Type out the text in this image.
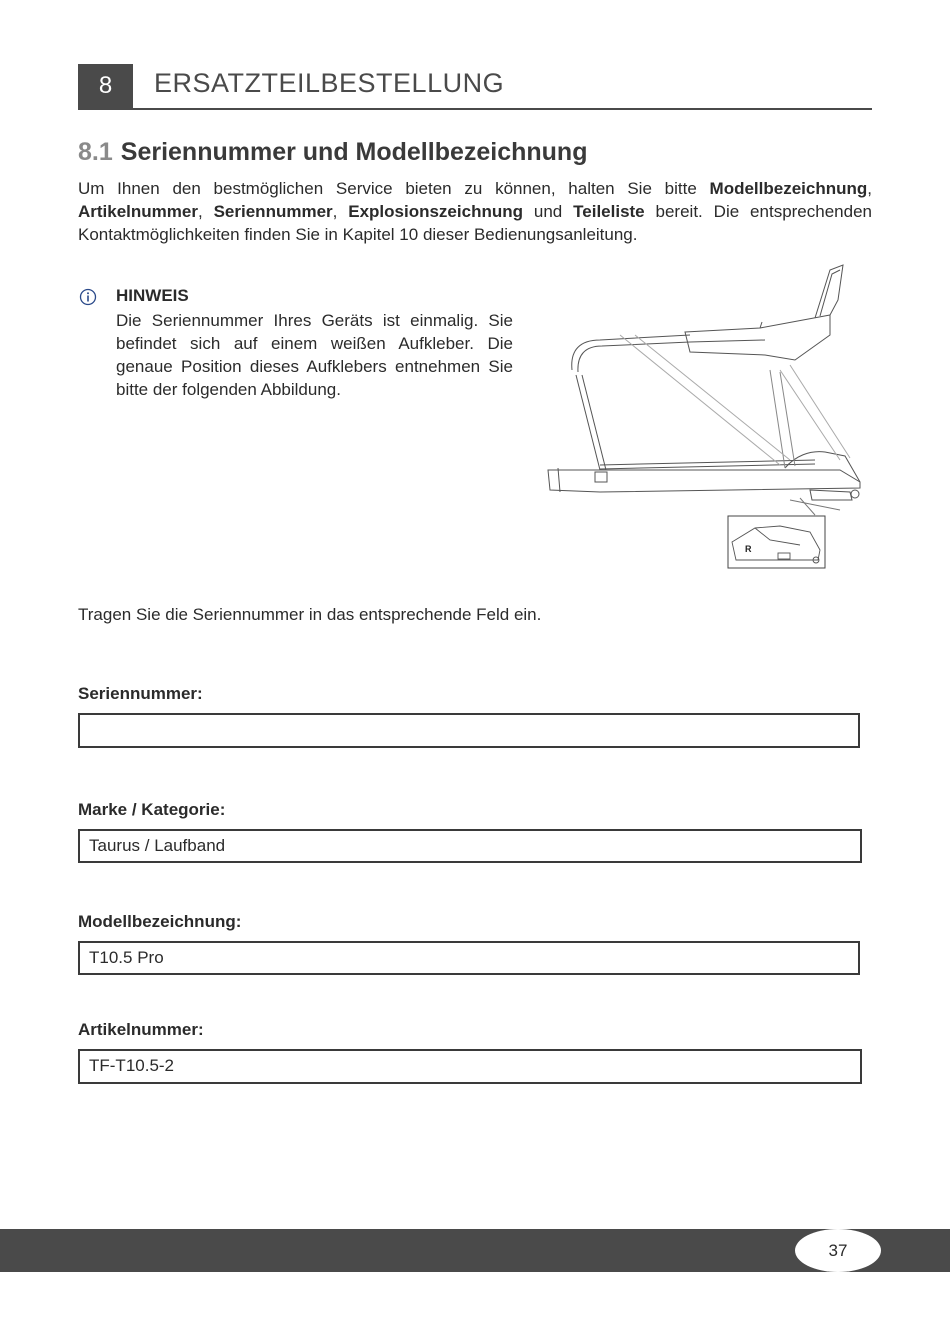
8	ERSATZTEILBESTELLUNG
8.1 Seriennummer und Modellbezeichnung

Um Ihnen den bestmöglichen Service bieten zu können, halten Sie bitte Modellbezeichnung, Artikelnummer, Seriennummer, Explosionszeichnung und Teileliste bereit. Die entsprechenden Kontaktmöglichkeiten finden Sie in Kapitel 10 dieser Bedienungsanleitung.

HINWEIS

Die Seriennummer Ihres Geräts ist einmalig. Sie befindet sich auf einem weißen Aufkleber. Die genaue Position dieses Aufklebers entnehmen Sie bitte der folgenden Abbildung.

R

Tragen Sie die Seriennummer in das entsprechende Feld ein.

Seriennummer:
Marke / Kategorie:
Taurus / Laufband
Modellbezeichnung:
T10.5 Pro
Artikelnummer:
TF-T10.5-2
37
